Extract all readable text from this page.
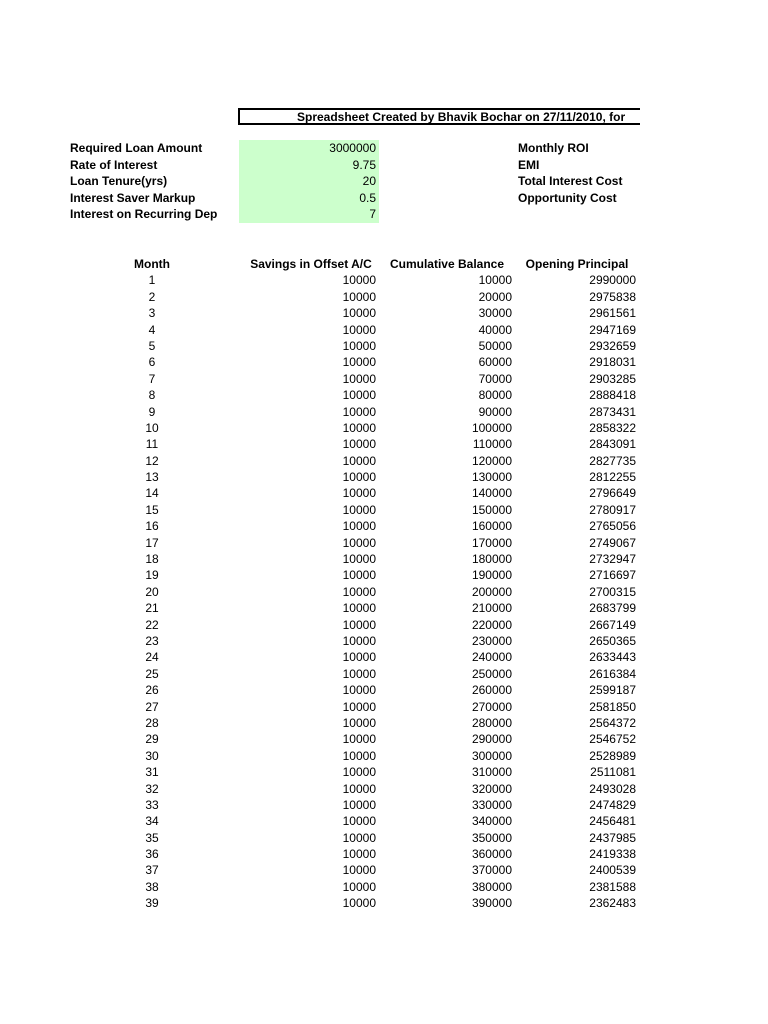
Spreadsheet Created by Bhavik Bochar on 27/11/2010, for
Required Loan Amount	3000000
Rate of Interest	9.75
Loan Tenure(yrs)	20
Interest Saver Markup	0.5
Interest on Recurring Dep	7
Monthly ROI
EMI
Total Interest Cost
Opportunity Cost
Month	Savings in Offset A/C	Cumulative Balance	Opening Principal
1	10000	10000	2990000
2	10000	20000	2975838
3	10000	30000	2961561
4	10000	40000	2947169
5	10000	50000	2932659
6	10000	60000	2918031
7	10000	70000	2903285
8	10000	80000	2888418
9	10000	90000	2873431
10	10000	100000	2858322
11	10000	110000	2843091
12	10000	120000	2827735
13	10000	130000	2812255
14	10000	140000	2796649
15	10000	150000	2780917
16	10000	160000	2765056
17	10000	170000	2749067
18	10000	180000	2732947
19	10000	190000	2716697
20	10000	200000	2700315
21	10000	210000	2683799
22	10000	220000	2667149
23	10000	230000	2650365
24	10000	240000	2633443
25	10000	250000	2616384
26	10000	260000	2599187
27	10000	270000	2581850
28	10000	280000	2564372
29	10000	290000	2546752
30	10000	300000	2528989
31	10000	310000	2511081
32	10000	320000	2493028
33	10000	330000	2474829
34	10000	340000	2456481
35	10000	350000	2437985
36	10000	360000	2419338
37	10000	370000	2400539
38	10000	380000	2381588
39	10000	390000	2362483
